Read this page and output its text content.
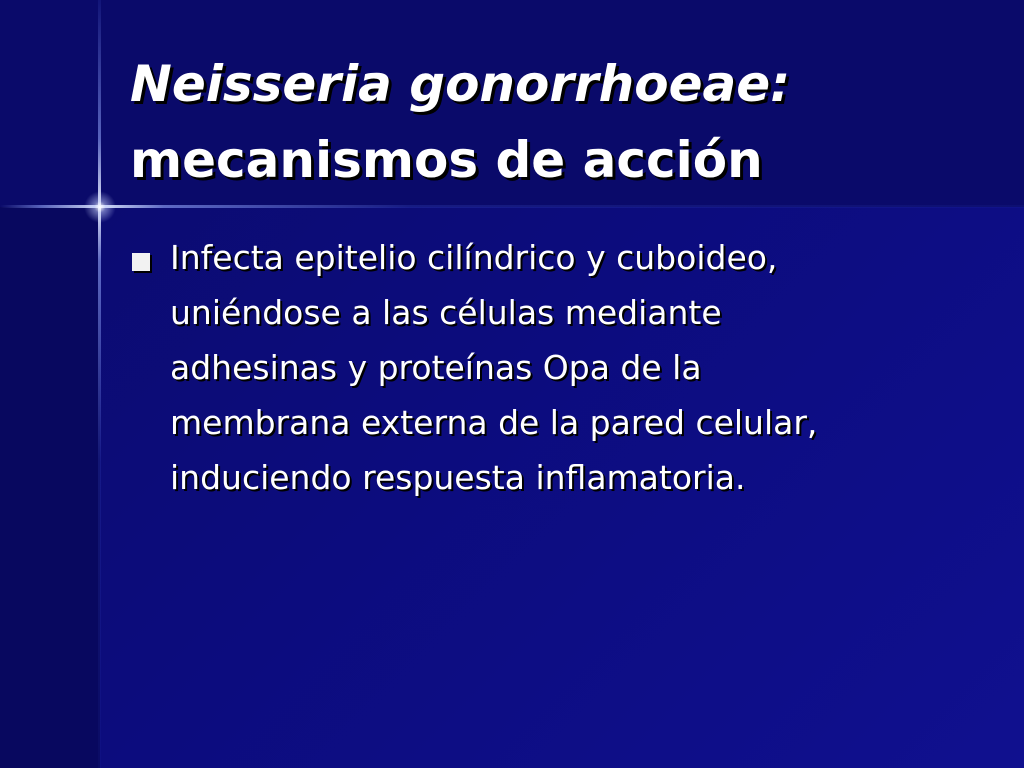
Neisseria gonorrhoeae:
mecanismos de acción

Infecta epitelio cilíndrico y cuboideo,
uniéndose a las células mediante
adhesinas y proteínas Opa de la
membrana externa de la pared celular,
induciendo respuesta inflamatoria.
